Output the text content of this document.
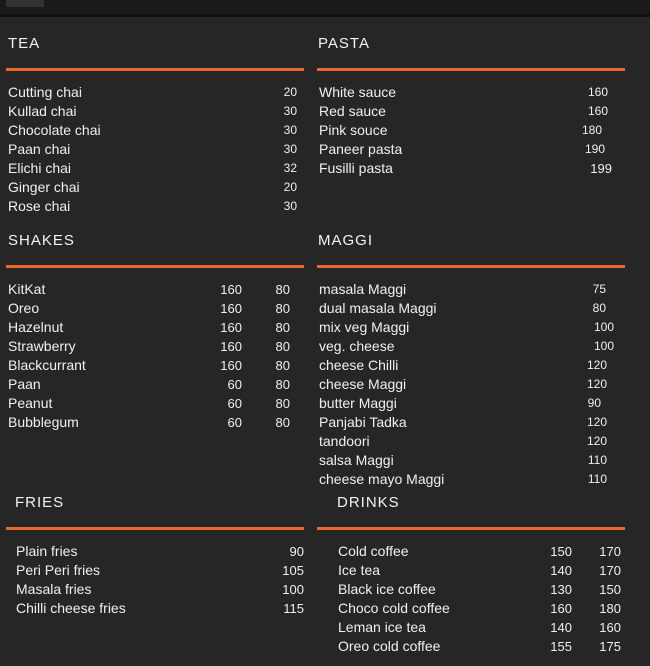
TEA
Cutting chai	20
Kullad chai	30
Chocolate chai	30
Paan chai	30
Elichi chai	32
Ginger chai	20
Rose chai	30
PASTA
White sauce	160
Red sauce	160
Pink souce	180
Paneer pasta	190
Fusilli pasta	199
SHAKES
KitKat	160	80
Oreo	160	80
Hazelnut	160	80
Strawberry	160	80
Blackcurrant	160	80
Paan	60	80
Peanut	60	80
Bubblegum	60	80
MAGGI
masala Maggi	75
dual masala Maggi	80
mix veg Maggi	100
veg. cheese	100
cheese Chilli	120
cheese Maggi	120
butter Maggi	90
Panjabi Tadka	120
tandoori	120
salsa Maggi	110
cheese mayo Maggi	110
FRIES
Plain fries	90
Peri Peri fries	105
Masala fries	100
Chilli cheese fries	115
DRINKS
Cold coffee	150	170
Ice tea	140	170
Black ice coffee	130	150
Choco cold coffee	160	180
Leman ice tea	140	160
Oreo cold coffee	155	175
